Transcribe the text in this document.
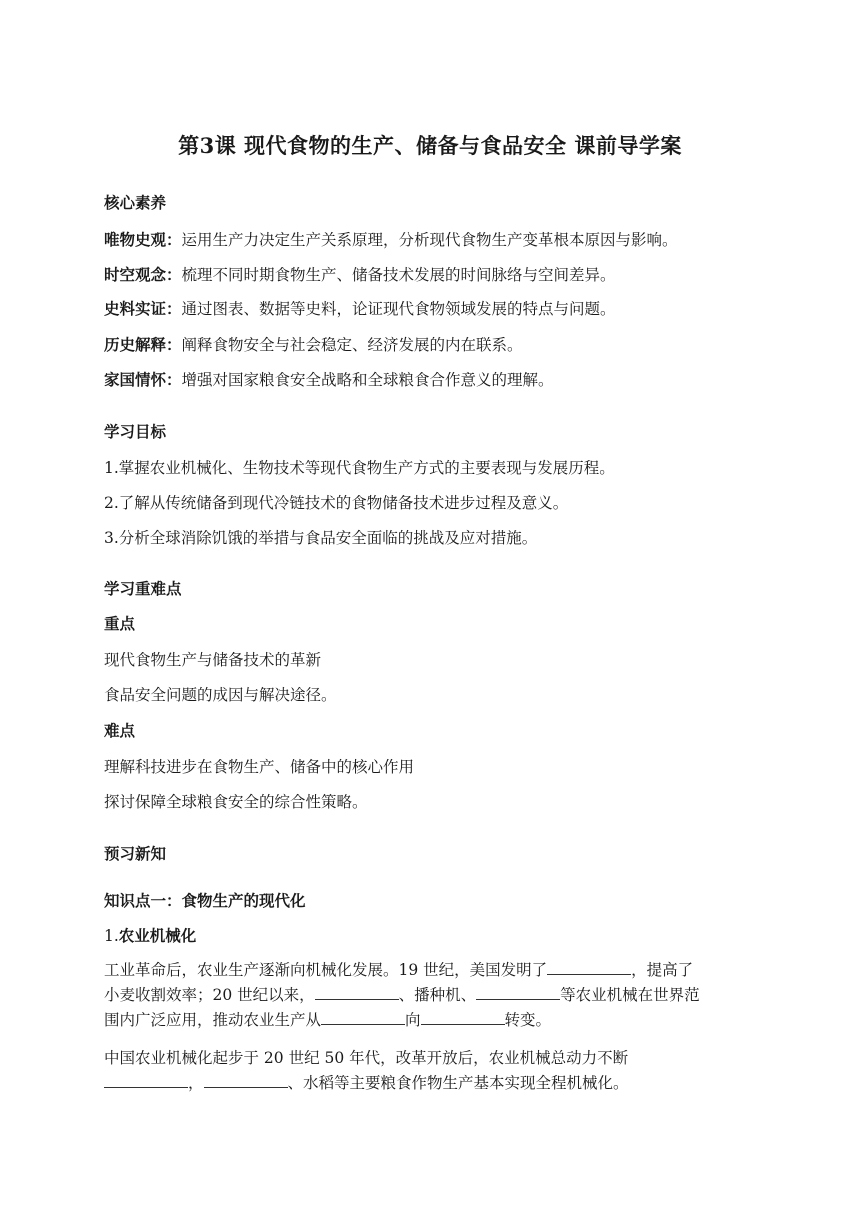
第3课 现代食物的生产、储备与食品安全 课前导学案
核心素养
唯物史观：运用生产力决定生产关系原理，分析现代食物生产变革根本原因与影响。
时空观念：梳理不同时期食物生产、储备技术发展的时间脉络与空间差异。
史料实证：通过图表、数据等史料，论证现代食物领域发展的特点与问题。
历史解释：阐释食物安全与社会稳定、经济发展的内在联系。
家国情怀：增强对国家粮食安全战略和全球粮食合作意义的理解。
学习目标
1.掌握农业机械化、生物技术等现代食物生产方式的主要表现与发展历程。
2.了解从传统储备到现代冷链技术的食物储备技术进步过程及意义。
3.分析全球消除饥饿的举措与食品安全面临的挑战及应对措施。
学习重难点
重点
现代食物生产与储备技术的革新
食品安全问题的成因与解决途径。
难点
理解科技进步在食物生产、储备中的核心作用
探讨保障全球粮食安全的综合性策略。
预习新知
知识点一：食物生产的现代化
1.农业机械化
工业革命后，农业生产逐渐向机械化发展。19 世纪，美国发明了	，提高了
小麦收割效率；20 世纪以来，	、播种机、	等农业机械在世界范
围内广泛应用，推动农业生产从	向	转变。
中国农业机械化起步于 20 世纪 50 年代，改革开放后，农业机械总动力不断
，	、水稻等主要粮食作物生产基本实现全程机械化。
